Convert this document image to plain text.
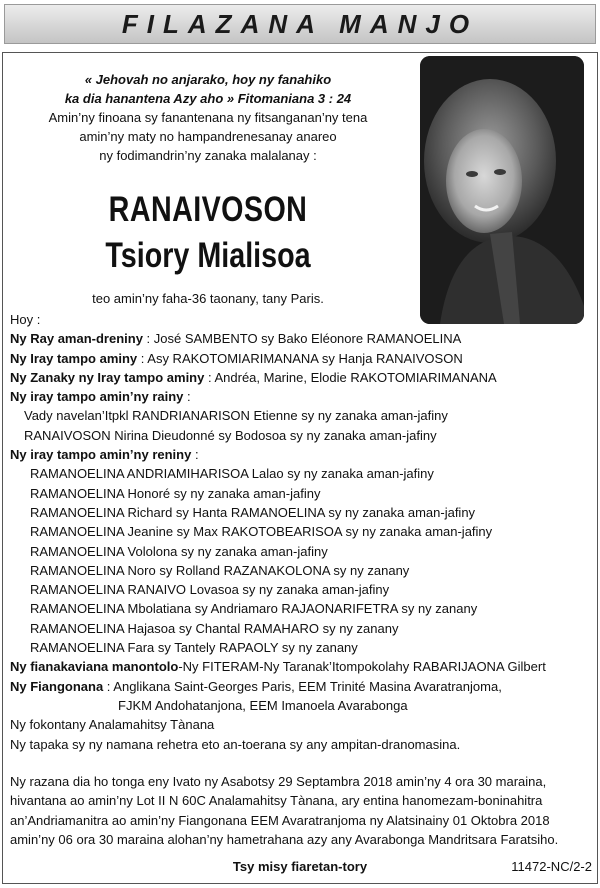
FILAZANA MANJO
« Jehovah no anjarako, hoy ny fanahiko
ka dia hanantena Azy aho » Fitomaniana 3 : 24
Amin’ny finoana sy fanantenana ny fitsanganan’ny tena
amin’ny maty no hampandrenesanay anareo
ny fodimandrin’ny zanaka malalanay :
RANAIVOSON
Tsiory Mialisoa
teo amin’ny faha-36 taonany, tany Paris.
Hoy :
Ny Ray aman-dreniny : José SAMBENTO sy Bako Eléonore RAMANOELINA
Ny Iray tampo aminy : Asy RAKOTOMIARIMANANA sy Hanja RANAIVOSON
Ny Zanaky ny Iray tampo aminy : Andréa, Marine, Elodie RAKOTOMIARIMANANA
Ny iray tampo amin’ny rainy :
Vady navelan’Itpkl RANDRIANARISON Etienne sy ny zanaka aman-jafiny
RANAIVOSON Nirina Dieudonné sy Bodosoa sy ny zanaka aman-jafiny
Ny iray tampo amin’ny reniny :
RAMANOELINA ANDRIAMIHARISOA Lalao sy ny zanaka aman-jafiny
RAMANOELINA Honoré sy ny zanaka aman-jafiny
RAMANOELINA Richard sy Hanta RAMANOELINA sy ny zanaka aman-jafiny
RAMANOELINA Jeanine sy Max RAKOTOBEARISOA sy ny zanaka aman-jafiny
RAMANOELINA Vololona sy ny zanaka aman-jafiny
RAMANOELINA Noro sy Rolland RAZANAKOLONA sy ny zanany
RAMANOELINA RANAIVO Lovasoa sy ny zanaka aman-jafiny
RAMANOELINA Mbolatiana sy Andriamaro RAJAONARIFETRA sy ny zanany
RAMANOELINA Hajasoa sy Chantal RAMAHARO sy ny zanany
RAMANOELINA Fara sy Tantely RAPAOLY sy ny zanany
Ny fianakaviana manontolo-Ny FITERAM-Ny Taranak’Itompokolahy RABARIJAONA Gilbert
Ny Fiangonana : Anglikana Saint-Georges Paris, EEM Trinité Masina Avaratranjoma,
FJKM Andohatanjona, EEM Imanoela Avarabonga
Ny fokontany Analamahitsy Tànana
Ny tapaka sy ny namana rehetra eto an-toerana sy any ampitan-dranomasina.
Ny razana dia ho tonga eny Ivato ny Asabotsy 29 Septambra 2018 amin’ny 4 ora 30 maraina,
hivantana ao amin’ny Lot II N 60C Analamahitsy Tànana, ary entina hanomezam-boninahitra
an’Andriamanitra ao amin’ny Fiangonana EEM Avaratranjoma ny Alatsinainy 01 Oktobra 2018
amin’ny 06 ora 30 maraina alohan’ny hametrahana azy any Avarabonga Mandritsara Faratsiho.
Tsy misy fiaretan-tory	11472-NC/2-2
